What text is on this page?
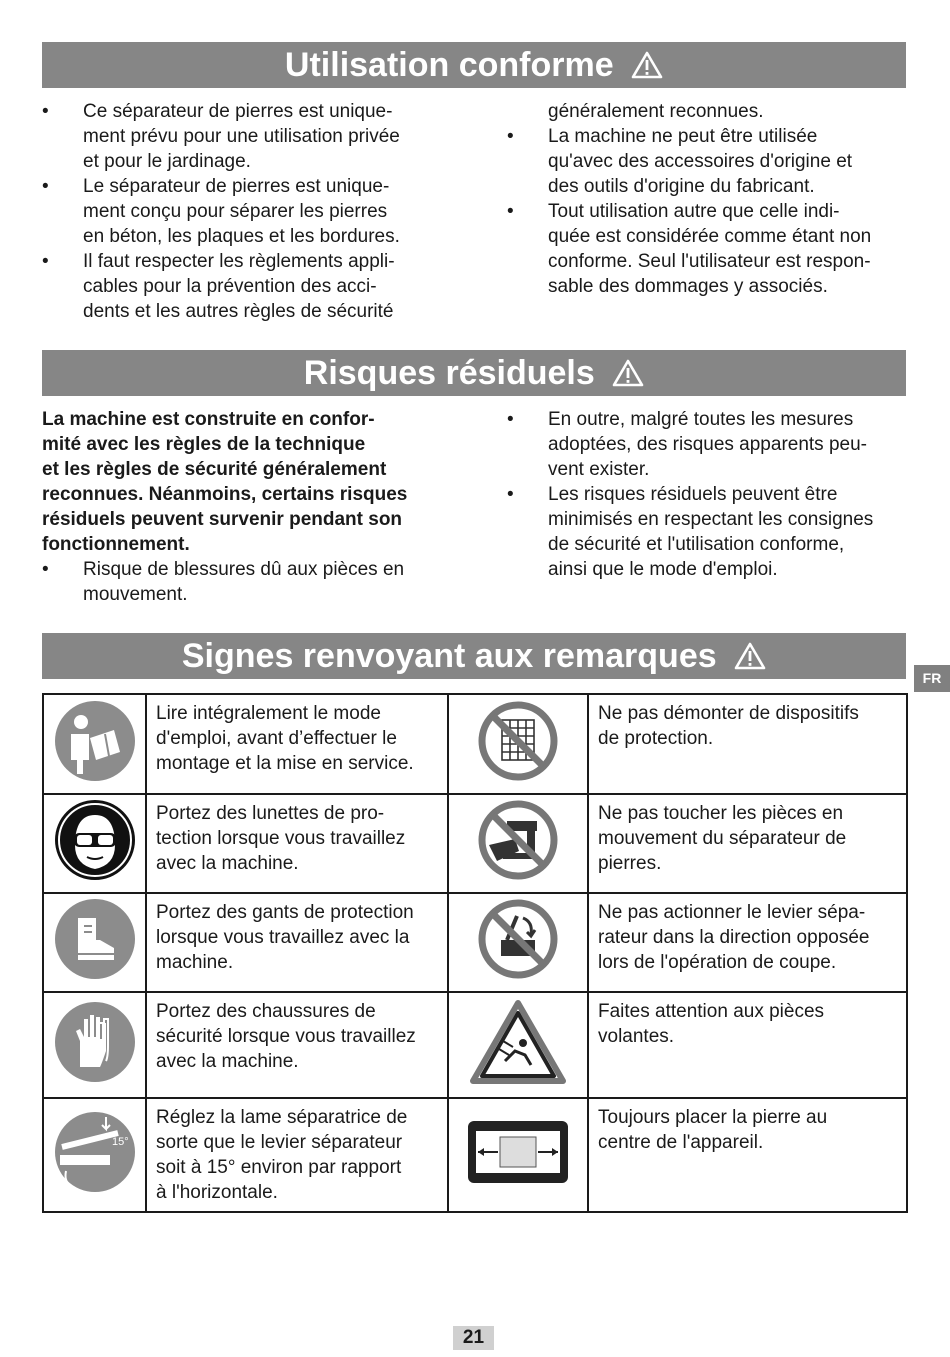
Utilisation conforme
• Ce séparateur de pierres est unique-
ment prévu pour une utilisation privée
et pour le jardinage.
• Le séparateur de pierres est unique-
ment conçu pour séparer les pierres
en béton, les plaques et les bordures.
• Il faut respecter les règlements appli-
cables pour la prévention des acci-
dents et les autres règles de sécurité

généralement reconnues.

• La machine ne peut être utilisée
qu'avec des accessoires d'origine et
des outils d'origine du fabricant.
• Tout utilisation autre que celle indi-
quée est considérée comme étant non
conforme. Seul l'utilisateur est respon-
sable des dommages y associés.
Risques résiduels

La machine est construite en confor-
mité avec les règles de la technique
et les règles de sécurité généralement
reconnues. Néanmoins, certains risques
résiduels peuvent survenir pendant son
fonctionnement.

• Risque de blessures dû aux pièces en
mouvement.
• En outre, malgré toutes les mesures
adoptées, des risques apparents peu-
vent exister.
• Les risques résiduels peuvent être
minimisés en respectant les consignes
de sécurité et l'utilisation conforme,
ainsi que le mode d'emploi.
Signes renvoyant aux remarques
FR
	Lire intégralement le mode
d'emploi, avant d’effectuer le
montage et la mise en service.		Ne pas démonter de dispositifs
de protection.
	Portez des lunettes de pro-
tection lorsque vous travaillez
avec la machine.		Ne pas toucher les pièces en
mouvement du séparateur de
pierres.
	Portez des gants de protection
lorsque vous travaillez avec la
machine.		Ne pas actionner le levier sépa-
rateur dans la direction opposée
lors de l'opération de coupe.
	Portez des chaussures de
sécurité lorsque vous travaillez
avec la machine.		Faites attention aux pièces
volantes.

15°	Réglez la lame séparatrice de
sorte que le levier séparateur
soit à 15° environ par rapport
à l'horizontale.		Toujours placer la pierre au
centre de l'appareil.
21
